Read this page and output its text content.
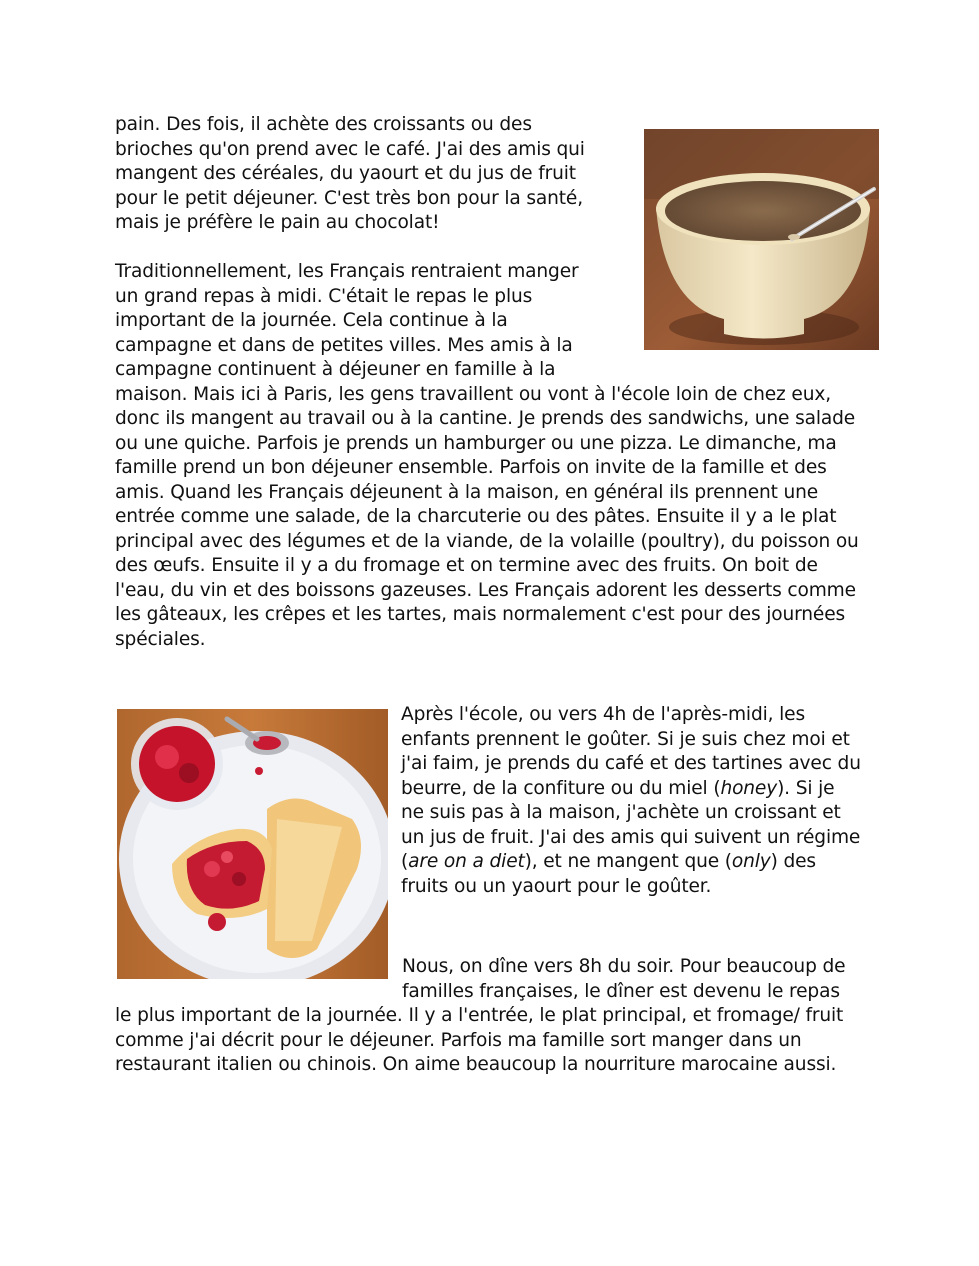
pain. Des fois, il achète des croissants ou des brioches qu'on prend avec le café. J'ai des amis qui mangent des céréales, du yaourt et du jus de fruit pour le petit déjeuner. C'est très bon pour la santé, mais je préfère le pain au chocolat!

Traditionnellement, les Français rentraient manger un grand repas à midi. C'était le repas le plus important de la journée. Cela continue à la campagne et dans de petites villes. Mes amis à la campagne continuent à déjeuner en famille à la maison. Mais ici à Paris, les gens travaillent ou vont à l'école loin de chez eux, donc ils mangent au travail ou à la cantine. Je prends des sandwichs, une salade ou une quiche. Parfois je prends un hamburger ou une pizza. Le dimanche, ma famille prend un bon déjeuner ensemble. Parfois on invite de la famille et des amis. Quand les Français déjeunent à la maison, en général ils prennent une entrée comme une salade, de la charcuterie ou des pâtes. Ensuite il y a le plat principal avec des légumes et de la viande, de la volaille (poultry), du poisson ou des œufs. Ensuite il y a du fromage et on termine avec des fruits. On boit de l'eau, du vin et des boissons gazeuses. Les Français adorent les desserts comme les gâteaux, les crêpes et les tartes, mais normalement c'est pour des journées spéciales.

Après l'école, ou vers 4h de l'après-midi, les enfants prennent le goûter. Si je suis chez moi et j'ai faim, je prends du café et des tartines avec du beurre, de la confiture ou du miel (honey). Si je ne suis pas à la maison, j'achète un croissant et un jus de fruit. J'ai des amis qui suivent un régime (are on a diet), et ne mangent que (only) des fruits ou un yaourt pour le goûter.

Nous, on dîne vers 8h du soir. Pour beaucoup de familles françaises, le dîner est devenu le repas le plus important de la journée. Il y a l'entrée, le plat principal, et fromage/ fruit comme j'ai décrit pour le déjeuner. Parfois ma famille sort manger dans un restaurant italien ou chinois. On aime beaucoup la nourriture marocaine aussi.
